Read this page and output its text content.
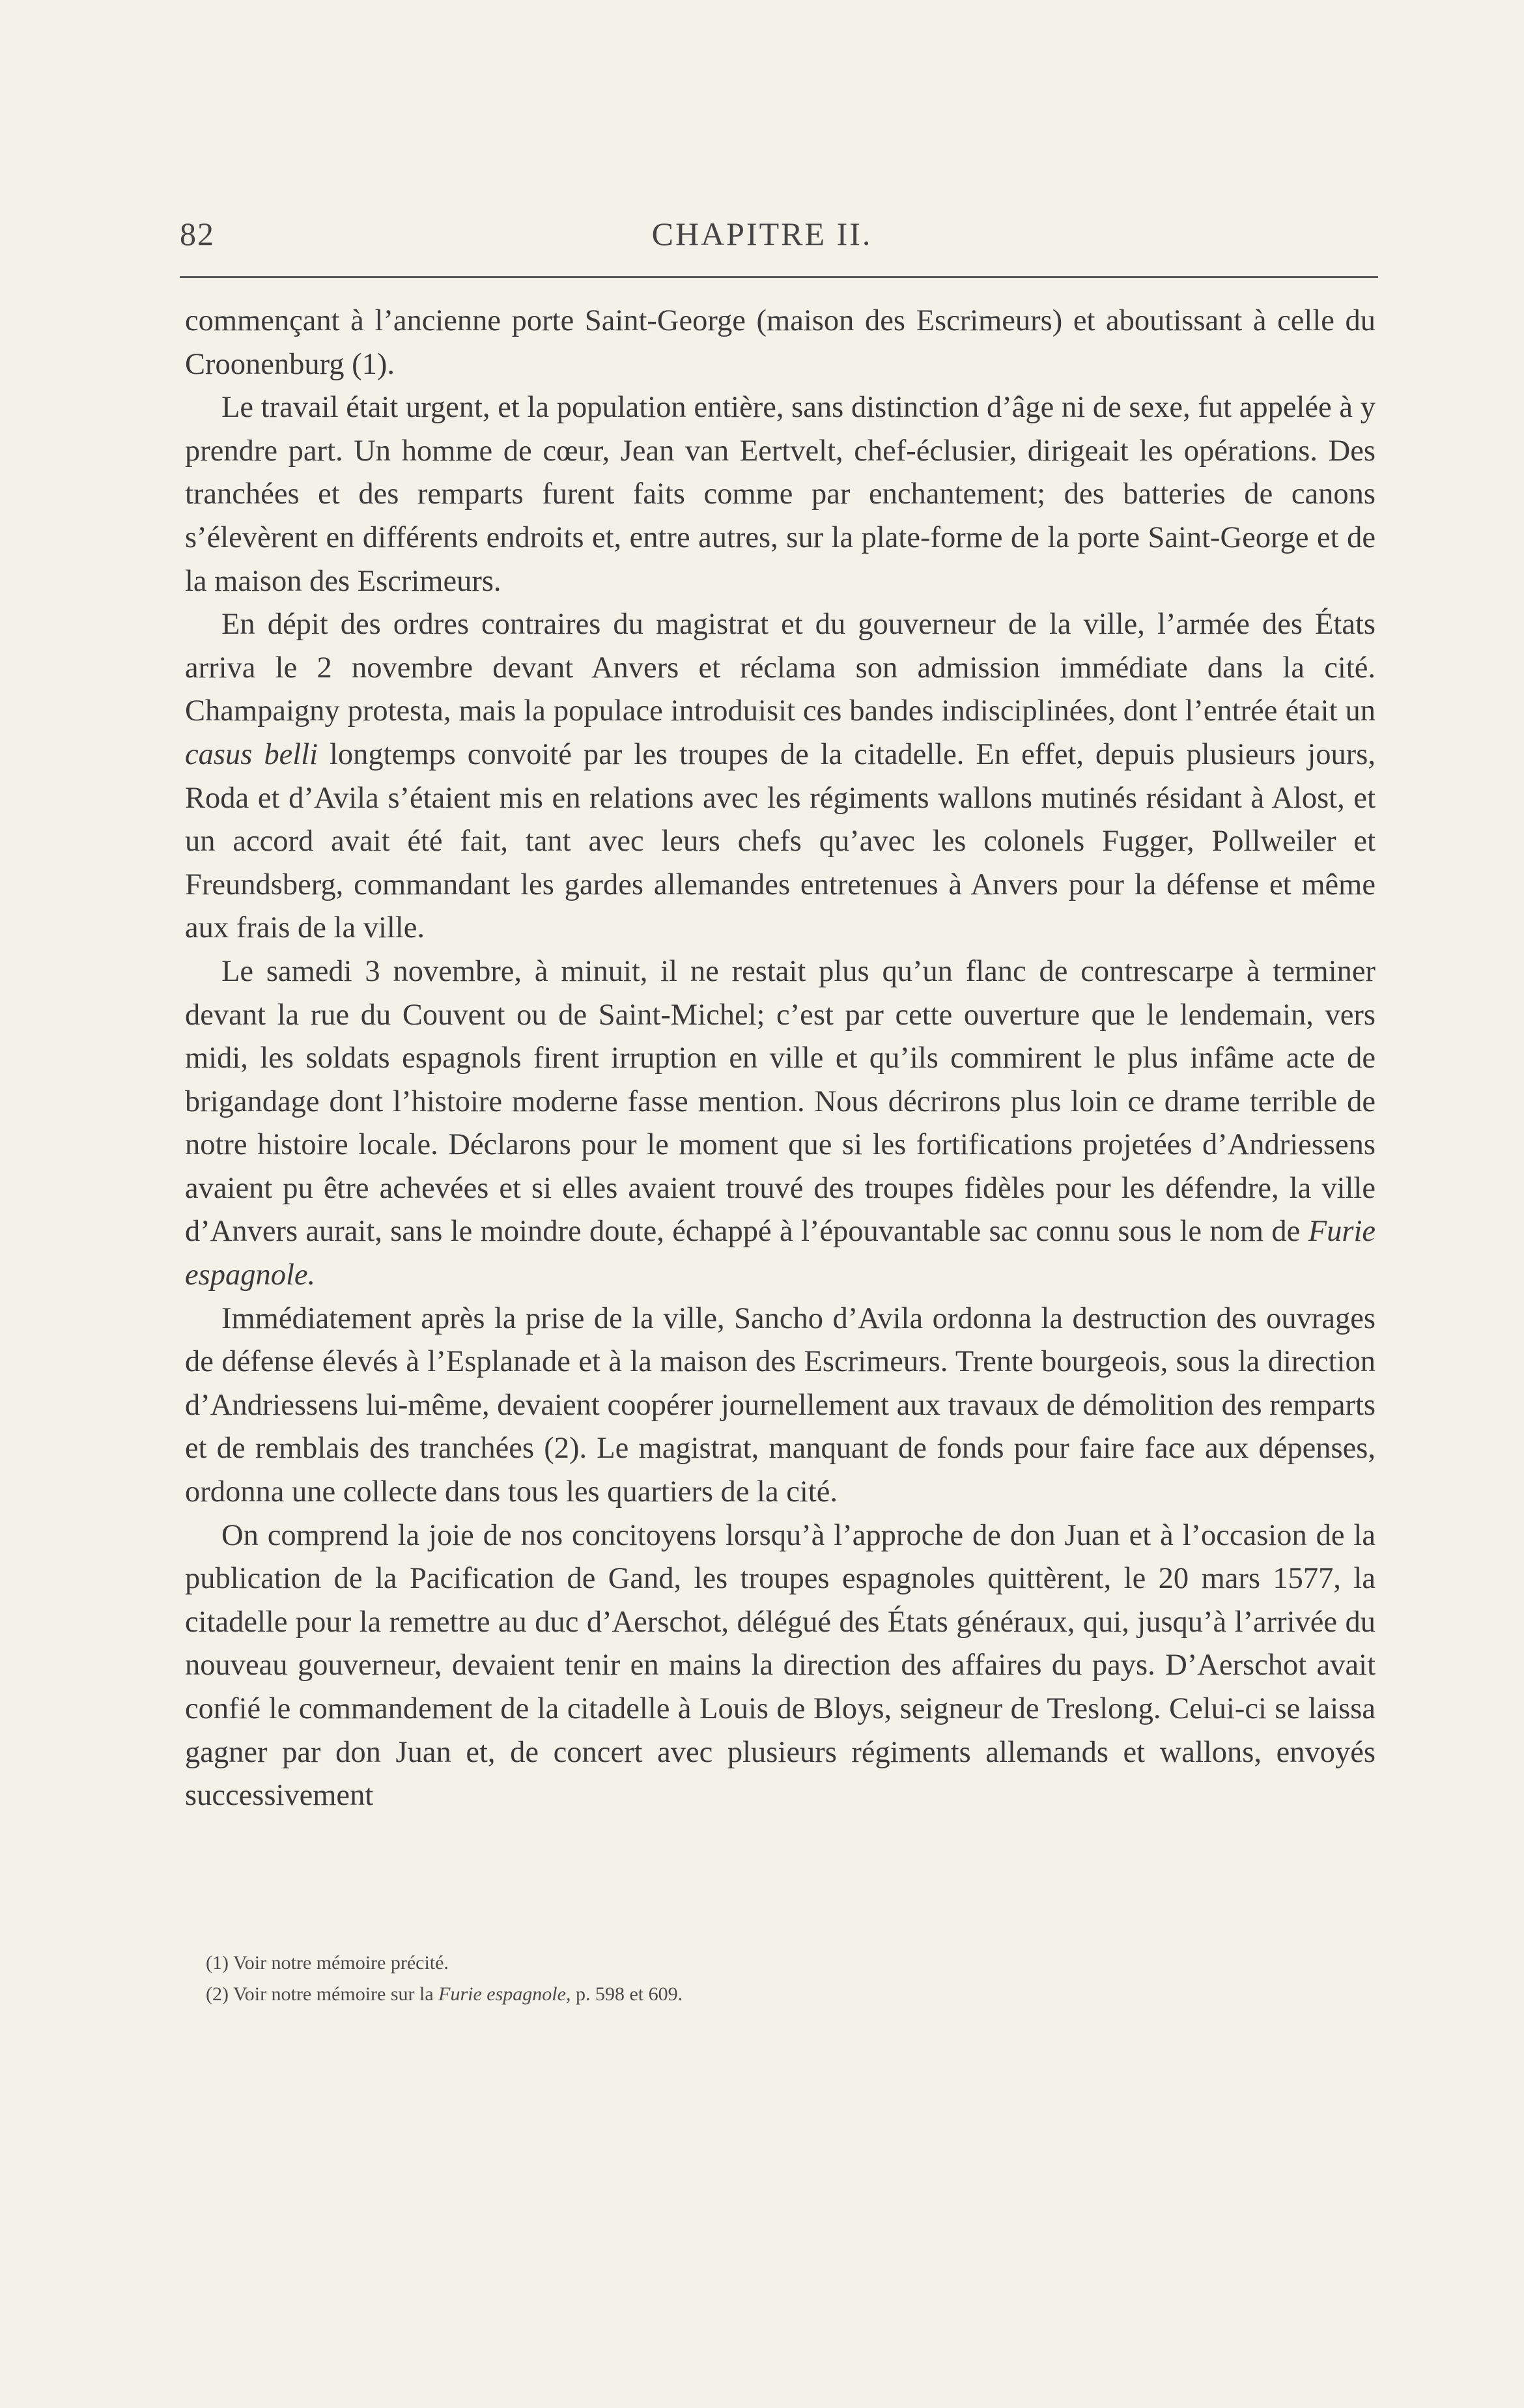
82	CHAPITRE II.

commençant à l’ancienne porte Saint-George (maison des Escrimeurs) et aboutissant à celle du Croonenburg (1).

Le travail était urgent, et la population entière, sans distinction d’âge ni de sexe, fut appelée à y prendre part. Un homme de cœur, Jean van Eertvelt, chef-éclusier, dirigeait les opérations. Des tranchées et des remparts furent faits comme par enchantement; des batteries de canons s’élevèrent en différents endroits et, entre autres, sur la plate-forme de la porte Saint-George et de la maison des Escrimeurs.

En dépit des ordres contraires du magistrat et du gouverneur de la ville, l’armée des États arriva le 2 novembre devant Anvers et réclama son admission immédiate dans la cité. Champaigny protesta, mais la populace introduisit ces bandes indisciplinées, dont l’entrée était un casus belli longtemps convoité par les troupes de la citadelle. En effet, depuis plusieurs jours, Roda et d’Avila s’étaient mis en relations avec les régiments wallons mutinés résidant à Alost, et un accord avait été fait, tant avec leurs chefs qu’avec les colonels Fugger, Pollweiler et Freundsberg, commandant les gardes allemandes entretenues à Anvers pour la défense et même aux frais de la ville.

Le samedi 3 novembre, à minuit, il ne restait plus qu’un flanc de contrescarpe à terminer devant la rue du Couvent ou de Saint-Michel; c’est par cette ouverture que le lendemain, vers midi, les soldats espagnols firent irruption en ville et qu’ils commirent le plus infâme acte de brigandage dont l’histoire moderne fasse mention. Nous décrirons plus loin ce drame terrible de notre histoire locale. Déclarons pour le moment que si les fortifications projetées d’Andriessens avaient pu être achevées et si elles avaient trouvé des troupes fidèles pour les défendre, la ville d’Anvers aurait, sans le moindre doute, échappé à l’épouvantable sac connu sous le nom de Furie espagnole.

Immédiatement après la prise de la ville, Sancho d’Avila ordonna la destruction des ouvrages de défense élevés à l’Esplanade et à la maison des Escrimeurs. Trente bourgeois, sous la direction d’Andriessens lui-même, devaient coopérer journellement aux travaux de démolition des remparts et de remblais des tranchées (2). Le magistrat, manquant de fonds pour faire face aux dépenses, ordonna une collecte dans tous les quartiers de la cité.

On comprend la joie de nos concitoyens lorsqu’à l’approche de don Juan et à l’occasion de la publication de la Pacification de Gand, les troupes espagnoles quittèrent, le 20 mars 1577, la citadelle pour la remettre au duc d’Aerschot, délégué des États généraux, qui, jusqu’à l’arrivée du nouveau gouverneur, devaient tenir en mains la direction des affaires du pays. D’Aerschot avait confié le commandement de la citadelle à Louis de Bloys, seigneur de Treslong. Celui-ci se laissa gagner par don Juan et, de concert avec plusieurs régiments allemands et wallons, envoyés successivement

(1) Voir notre mémoire précité.

(2) Voir notre mémoire sur la Furie espagnole, p. 598 et 609.
